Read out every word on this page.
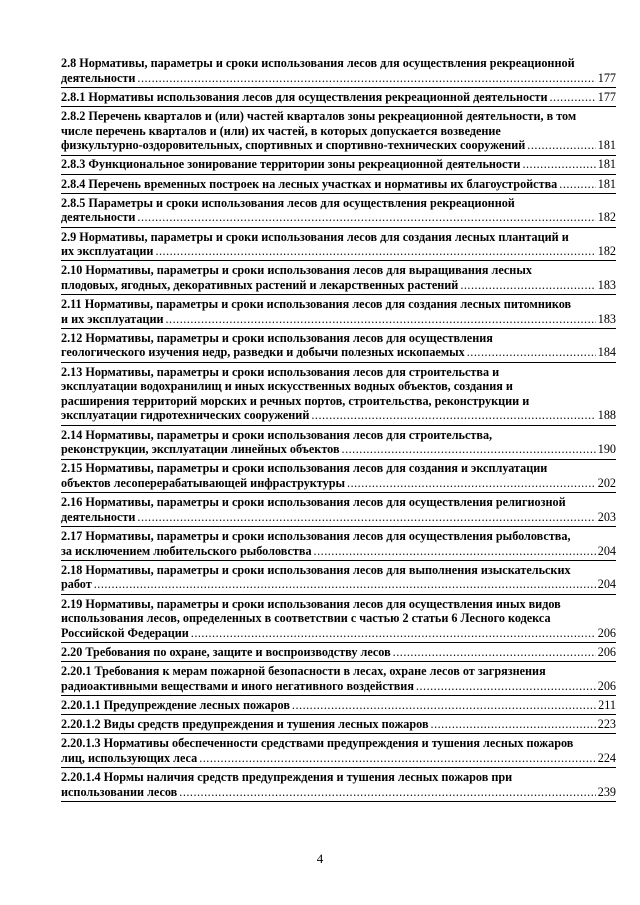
2.8 Нормативы, параметры и сроки использования лесов для осуществления рекреационной
деятельности .....	177
2.8.1 Нормативы использования лесов для осуществления рекреационной деятельности .....	177
2.8.2 Перечень кварталов и (или) частей кварталов зоны рекреационной деятельности, в том
числе перечень кварталов и (или) их частей, в которых допускается возведение
физкультурно-оздоровительных, спортивных и спортивно-технических сооружений .....	181
2.8.3 Функциональное зонирование территории зоны рекреационной деятельности .....	181
2.8.4 Перечень временных построек на лесных участках и нормативы их благоустройства .....	181
2.8.5 Параметры и сроки использования лесов для осуществления рекреационной
деятельности .....	182
2.9 Нормативы, параметры и сроки использования лесов для создания лесных плантаций и
их эксплуатации .....	182
2.10 Нормативы, параметры и сроки использования лесов для выращивания лесных
плодовых, ягодных, декоративных растений и лекарственных растений .....	183
2.11 Нормативы, параметры и сроки использования лесов для создания лесных питомников
и их эксплуатации .....	183
2.12 Нормативы, параметры и сроки использования лесов для осуществления
геологического изучения недр, разведки и добычи полезных ископаемых .....	184
2.13 Нормативы, параметры и сроки использования лесов для строительства и
эксплуатации водохранилищ и иных искусственных водных объектов, создания и
расширения территорий морских и речных портов, строительства, реконструкции и
эксплуатации гидротехнических сооружений .....	188
2.14 Нормативы, параметры и сроки использования лесов для строительства,
реконструкции, эксплуатации линейных объектов .....	190
2.15 Нормативы, параметры и сроки использования лесов для создания и эксплуатации
объектов лесоперерабатывающей инфраструктуры .....	202
2.16 Нормативы, параметры и сроки использования лесов для осуществления религиозной
деятельности .....	203
2.17 Нормативы, параметры и сроки использования лесов для осуществления рыболовства,
за исключением любительского рыболовства .....	204
2.18 Нормативы, параметры и сроки использования лесов для выполнения изыскательских
работ .....	204
2.19 Нормативы, параметры и сроки использования лесов для осуществления иных видов
использования лесов, определенных в соответствии с частью 2 статьи 6 Лесного кодекса
Российской Федерации .....	206
2.20 Требования по охране, защите и воспроизводству лесов .....	206
2.20.1 Требования к мерам пожарной безопасности в лесах, охране лесов от загрязнения
радиоактивными веществами и иного негативного воздействия .....	206
2.20.1.1 Предупреждение лесных пожаров .....	211
2.20.1.2 Виды средств предупреждения и тушения лесных пожаров .....	223
2.20.1.3 Нормативы обеспеченности средствами предупреждения и тушения лесных пожаров
лиц, использующих леса .....	224
2.20.1.4 Нормы наличия средств предупреждения и тушения лесных пожаров при
использовании лесов .....	239
4
